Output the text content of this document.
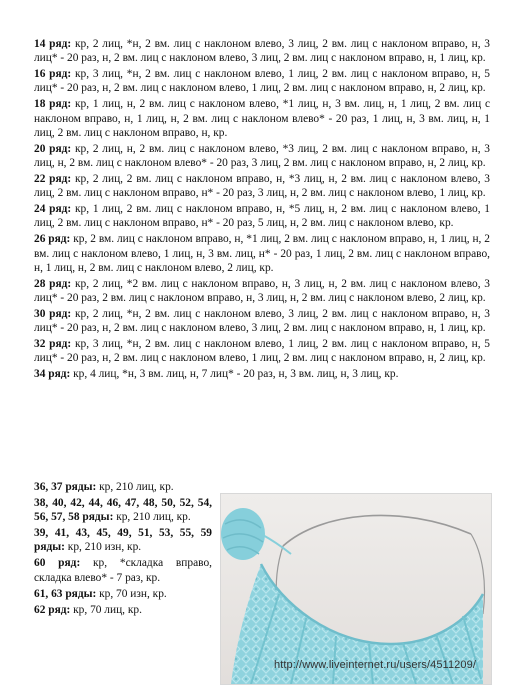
14 ряд: кр, 2 лиц, *н, 2 вм. лиц с наклоном влево, 3 лиц, 2 вм. лиц с наклоном вправо, н, 3 лиц* - 20 раз, н, 2 вм. лиц с наклоном влево, 3 лиц, 2 вм. лиц с наклоном вправо, н, 1 лиц, кр.

16 ряд: кр, 3 лиц, *н, 2 вм. лиц с наклоном влево, 1 лиц, 2 вм. лиц с наклоном вправо, н, 5 лиц* - 20 раз, н, 2 вм. лиц с наклоном влево, 1 лиц, 2 вм. лиц с наклоном вправо, н, 2 лиц, кр.

18 ряд: кр, 1 лиц, н, 2 вм. лиц с наклоном влево, *1 лиц, н, 3 вм. лиц, н, 1 лиц, 2 вм. лиц с наклоном вправо, н, 1 лиц, н, 2 вм. лиц с наклоном влево* - 20 раз, 1 лиц, н, 3 вм. лиц, н, 1 лиц, 2 вм. лиц с наклоном вправо, н, кр.

20 ряд: кр, 2 лиц, н, 2 вм. лиц с наклоном влево, *3 лиц, 2 вм. лиц с наклоном вправо, н, 3 лиц, н, 2 вм. лиц с наклоном влево* - 20 раз, 3 лиц, 2 вм. лиц с наклоном вправо, н, 2 лиц, кр.

22 ряд: кр, 2 лиц, 2 вм. лиц с наклоном вправо, н, *3 лиц, н, 2 вм. лиц с наклоном влево, 3 лиц, 2 вм. лиц с наклоном вправо, н* - 20 раз, 3 лиц, н, 2 вм. лиц с наклоном влево, 1 лиц, кр.

24 ряд: кр, 1 лиц, 2 вм. лиц с наклоном вправо, н, *5 лиц, н, 2 вм. лиц с наклоном влево, 1 лиц, 2 вм. лиц с наклоном вправо, н* - 20 раз, 5 лиц, н, 2 вм. лиц с наклоном влево, кр.

26 ряд: кр, 2 вм. лиц с наклоном вправо, н, *1 лиц, 2 вм. лиц с наклоном вправо, н, 1 лиц, н, 2 вм. лиц с наклоном влево, 1 лиц, н, 3 вм. лиц, н* - 20 раз, 1 лиц, 2 вм. лиц с наклоном вправо, н, 1 лиц, н, 2 вм. лиц с наклоном влево, 2 лиц, кр.

28 ряд: кр, 2 лиц, *2 вм. лиц с наклоном вправо, н, 3 лиц, н, 2 вм. лиц с наклоном влево, 3 лиц* - 20 раз, 2 вм. лиц с наклоном вправо, н, 3 лиц, н, 2 вм. лиц с наклоном влево, 2 лиц, кр.

30 ряд: кр, 2 лиц, *н, 2 вм. лиц с наклоном влево, 3 лиц, 2 вм. лиц с наклоном вправо, н, 3 лиц* - 20 раз, н, 2 вм. лиц с наклоном влево, 3 лиц, 2 вм. лиц с наклоном вправо, н, 1 лиц, кр.

32 ряд: кр, 3 лиц, *н, 2 вм. лиц с наклоном влево, 1 лиц, 2 вм. лиц с наклоном вправо, н, 5 лиц* - 20 раз, н, 2 вм. лиц с наклоном влево, 1 лиц, 2 вм. лиц с наклоном вправо, н, 2 лиц, кр.

34 ряд: кр, 4 лиц, *н, 3 вм. лиц, н, 7 лиц* - 20 раз, н, 3 вм. лиц, н, 3 лиц, кр.

36, 37 ряды: кр, 210 лиц, кр.

38, 40, 42, 44, 46, 47, 48, 50, 52, 54, 56, 57, 58 ряды: кр, 210 лиц, кр.

39, 41, 43, 45, 49, 51, 53, 55, 59 ряды: кр, 210 изн, кр.

60 ряд: кр, *складка вправо, складка влево* - 7 раз, кр.

61, 63 ряды: кр, 70 изн, кр.

62 ряд: кр, 70 лиц, кр.

http://www.liveinternet.ru/users/4511209/
